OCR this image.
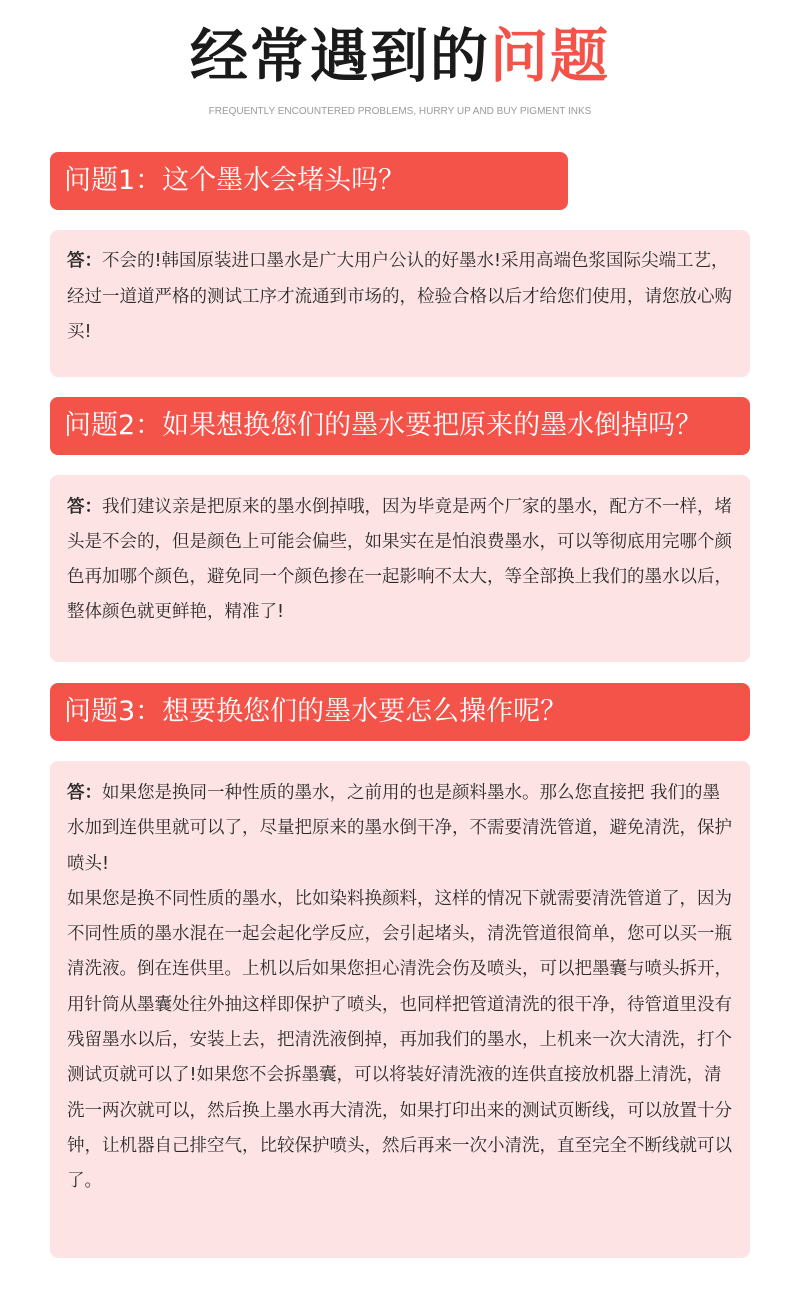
经常遇到的问题
FREQUENTLY ENCOUNTERED PROBLEMS, HURRY UP AND BUY PIGMENT INKS
问题1：这个墨水会堵头吗？

答：不会的!韩国原装进口墨水是广大用户公认的好墨水!采用高端色浆国际尖端工艺，经过一道道严格的测试工序才流通到市场的，检验合格以后才给您们使用，请您放心购买!

问题2：如果想换您们的墨水要把原来的墨水倒掉吗？

答：我们建议亲是把原来的墨水倒掉哦，因为毕竟是两个厂家的墨水，配方不一样，堵头是不会的，但是颜色上可能会偏些，如果实在是怕浪费墨水，可以等彻底用完哪个颜色再加哪个颜色，避免同一个颜色掺在一起影响不太大，等全部换上我们的墨水以后，整体颜色就更鲜艳，精准了!

问题3：想要换您们的墨水要怎么操作呢？

答：如果您是换同一种性质的墨水，之前用的也是颜料墨水。那么您直接把 我们的墨水加到连供里就可以了，尽量把原来的墨水倒干净，不需要清洗管道，避免清洗，保护喷头!

如果您是换不同性质的墨水，比如染料换颜料，这样的情况下就需要清洗管道了，因为不同性质的墨水混在一起会起化学反应，会引起堵头，清洗管道很简单，您可以买一瓶清洗液。倒在连供里。上机以后如果您担心清洗会伤及喷头，可以把墨囊与喷头拆开，用针筒从墨囊处往外抽这样即保护了喷头，也同样把管道清洗的很干净，待管道里没有残留墨水以后，安装上去，把清洗液倒掉，再加我们的墨水，上机来一次大清洗，打个测试页就可以了!如果您不会拆墨囊，可以将装好清洗液的连供直接放机器上清洗，清洗一两次就可以，然后换上墨水再大清洗，如果打印出来的测试页断线，可以放置十分钟，让机器自己排空气，比较保护喷头，然后再来一次小清洗，直至完全不断线就可以了。
